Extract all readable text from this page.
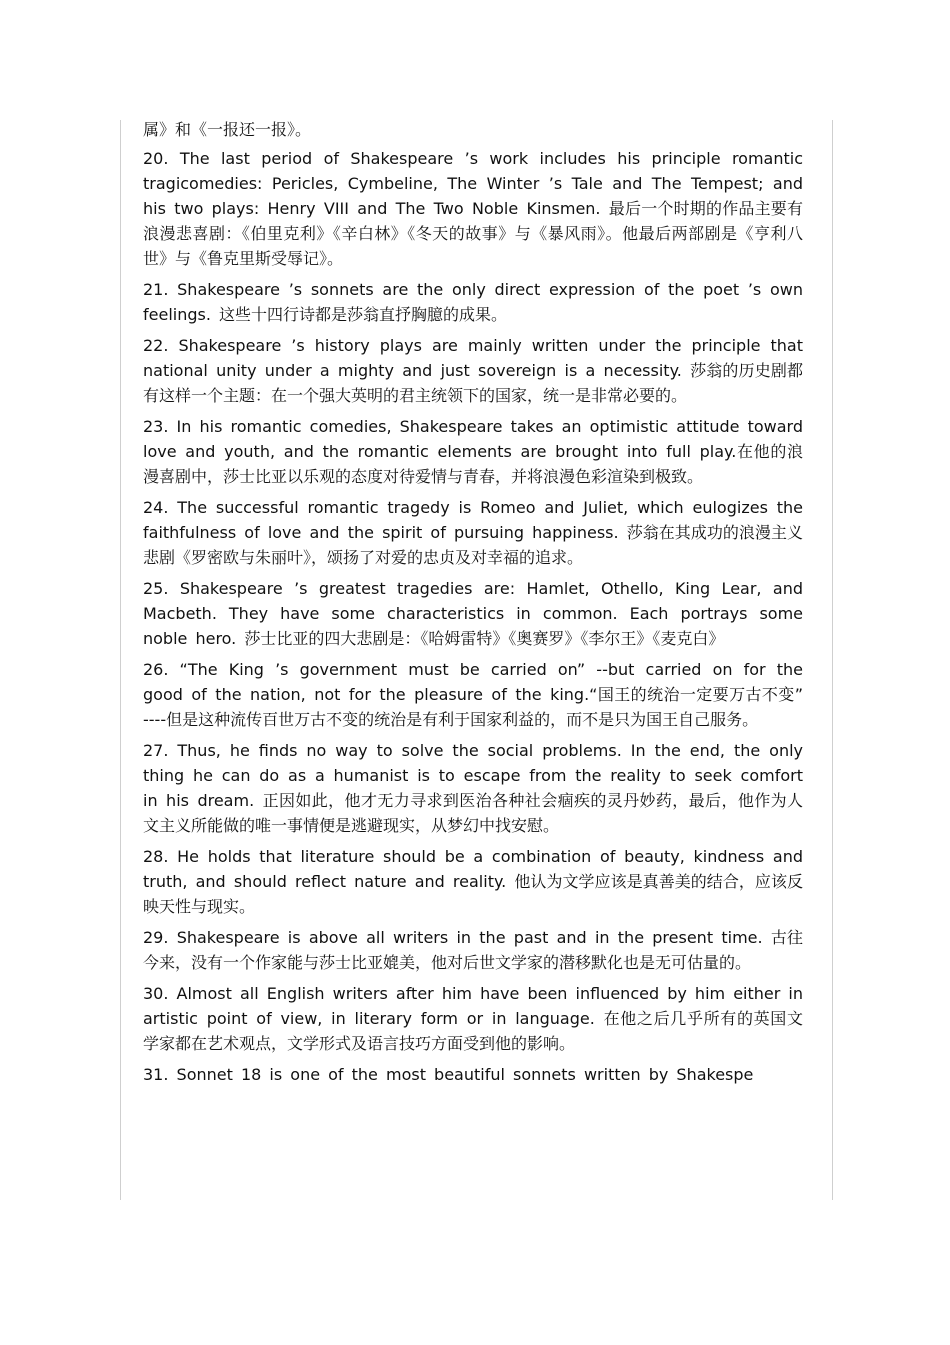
属》和《一报还一报》。

20. The last period of Shakespeare ’s work includes his principle romantic tragicomedies: Pericles, Cymbeline, The Winter ’s Tale and The Tempest; and his two plays: Henry VIII and The Two Noble Kinsmen. 最后一个时期的作品主要有浪漫悲喜剧：《伯里克利》《辛白林》《冬天的故事》与《暴风雨》。他最后两部剧是《亨利八世》与《鲁克里斯受辱记》。

21. Shakespeare ’s sonnets are the only direct expression of the poet ’s own feelings. 这些十四行诗都是莎翁直抒胸臆的成果。

22. Shakespeare ’s history plays are mainly written under the principle that national unity under a mighty and just sovereign is a necessity. 莎翁的历史剧都有这样一个主题：在一个强大英明的君主统领下的国家，统一是非常必要的。

23. In his romantic comedies, Shakespeare takes an optimistic attitude toward love and youth, and the romantic elements are brought into full play.在他的浪漫喜剧中，莎士比亚以乐观的态度对待爱情与青春，并将浪漫色彩渲染到极致。

24. The successful romantic tragedy is Romeo and Juliet, which eulogizes the faithfulness of love and the spirit of pursuing happiness. 莎翁在其成功的浪漫主义悲剧《罗密欧与朱丽叶》，颂扬了对爱的忠贞及对幸福的追求。

25. Shakespeare ’s greatest tragedies are: Hamlet, Othello, King Lear, and Macbeth. They have some characteristics in common. Each portrays some noble hero. 莎士比亚的四大悲剧是：《哈姆雷特》《奥赛罗》《李尔王》《麦克白》

26. “The King ’s government must be carried on” --but carried on for the good of the nation, not for the pleasure of the king.“国王的统治一定要万古不变” ----但是这种流传百世万古不变的统治是有利于国家利益的，而不是只为国王自己服务。

27. Thus, he finds no way to solve the social problems. In the end, the only thing he can do as a humanist is to escape from the reality to seek comfort in his dream. 正因如此，他才无力寻求到医治各种社会痼疾的灵丹妙药，最后，他作为人文主义所能做的唯一事情便是逃避现实，从梦幻中找安慰。

28. He holds that literature should be a combination of beauty, kindness and truth, and should reflect nature and reality. 他认为文学应该是真善美的结合，应该反映天性与现实。

29. Shakespeare is above all writers in the past and in the present time. 古往今来，没有一个作家能与莎士比亚媲美，他对后世文学家的潜移默化也是无可估量的。

30. Almost all English writers after him have been influenced by him either in artistic point of view, in literary form or in language. 在他之后几乎所有的英国文学家都在艺术观点，文学形式及语言技巧方面受到他的影响。

31. Sonnet 18 is one of the most beautiful sonnets written by Shakespe
